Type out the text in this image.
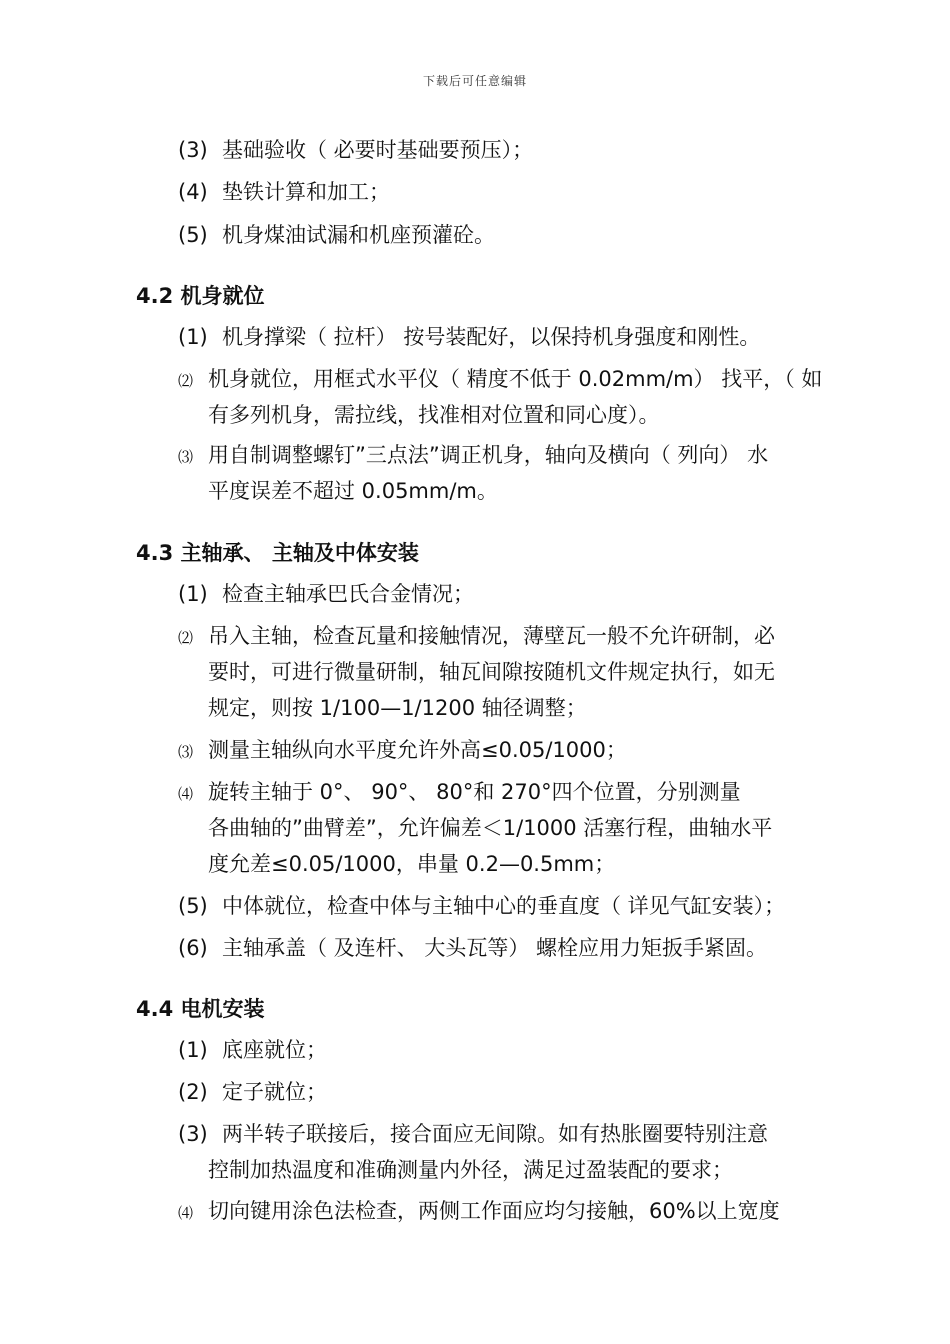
下载后可任意编辑
(3) 基础验收（ 必要时基础要预压）；
(4) 垫铁计算和加工；
(5) 机身煤油试漏和机座预灌砼。
4.2 机身就位
(1) 机身撑梁（ 拉杆） 按号装配好，以保持机身强度和刚性。
⑵ 机身就位，用框式水平仪（ 精度不低于 0.02mm/m） 找平，（ 如
有多列机身，需拉线，找准相对位置和同心度）。
⑶ 用自制调整螺钉”三点法”调正机身，轴向及横向（ 列向） 水
平度误差不超过 0.05mm/m。
4.3 主轴承、 主轴及中体安装
(1) 检查主轴承巴氏合金情况；
⑵ 吊入主轴，检查瓦量和接触情况，薄壁瓦一般不允许研制，必
要时，可进行微量研制，轴瓦间隙按随机文件规定执行，如无
规定，则按 1/100—1/1200 轴径调整；
⑶ 测量主轴纵向水平度允许外高≤0.05/1000；
⑷ 旋转主轴于 0°、 90°、 80°和 270°四个位置，分别测量
各曲轴的”曲臂差”，允许偏差＜1/1000 活塞行程，曲轴水平
度允差≤0.05/1000，串量 0.2—0.5mm；
(5) 中体就位，检查中体与主轴中心的垂直度（ 详见气缸安装）；
(6) 主轴承盖（ 及连杆、 大头瓦等） 螺栓应用力矩扳手紧固。
4.4 电机安装
(1) 底座就位；
(2) 定子就位；
(3) 两半转子联接后，接合面应无间隙。如有热胀圈要特别注意
控制加热温度和准确测量内外径，满足过盈装配的要求；
⑷ 切向键用涂色法检查，两侧工作面应均匀接触，60%以上宽度
